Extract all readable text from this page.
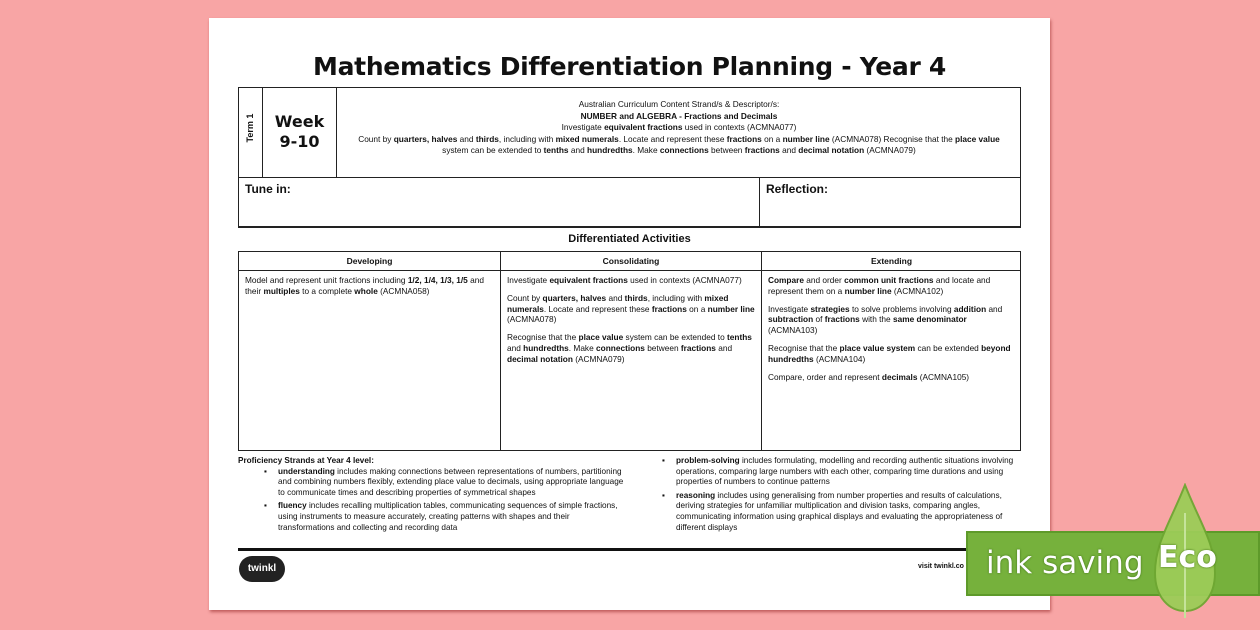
Mathematics Differentiation Planning - Year 4
Term 1 Week
9-10
Australian Curriculum Content Strand/s & Descriptor/s:
NUMBER and ALGEBRA - Fractions and Decimals
Investigate equivalent fractions used in contexts (ACMNA077)
Count by quarters, halves and thirds, including with mixed numerals. Locate and represent these fractions on a number line (ACMNA078) Recognise that the place value system can be extended to tenths and hundredths. Make connections between fractions and decimal notation (ACMNA079)
Tune in:	Reflection:
Differentiated Activities
Developing

Model and represent unit fractions including 1/2, 1/4, 1/3, 1/5 and their multiples to a complete whole (ACMNA058)

Consolidating

Investigate equivalent fractions used in contexts (ACMNA077)

Count by quarters, halves and thirds, including with mixed numerals. Locate and represent these fractions on a number line (ACMNA078)

Recognise that the place value system can be extended to tenths and hundredths. Make connections between fractions and decimal notation (ACMNA079)

Extending

Compare and order common unit fractions and locate and represent them on a number line (ACMNA102)

Investigate strategies to solve problems involving addition and subtraction of fractions with the same denominator (ACMNA103)

Recognise that the place value system can be extended beyond hundredths (ACMNA104)

Compare, order and represent decimals (ACMNA105)

Proficiency Strands at Year 4 level:
▪ understanding includes making connections between representations of numbers, partitioning and combining numbers flexibly, extending place value to decimals, using appropriate language to communicate times and describing properties of symmetrical shapes
▪ fluency includes recalling multiplication tables, communicating sequences of simple fractions, using instruments to measure accurately, creating patterns with shapes and their transformations and collecting and recording data
▪ problem-solving includes formulating, modelling and recording authentic situations involving operations, comparing large numbers with each other, comparing time durations and using properties of numbers to continue patterns
▪ reasoning includes using generalising from number properties and results of calculations, deriving strategies for unfamiliar multiplication and division tasks, comparing angles, communicating information using graphical displays and evaluating the appropriateness of different displays
twinkl	visit twinkl.co ink saving Eco
